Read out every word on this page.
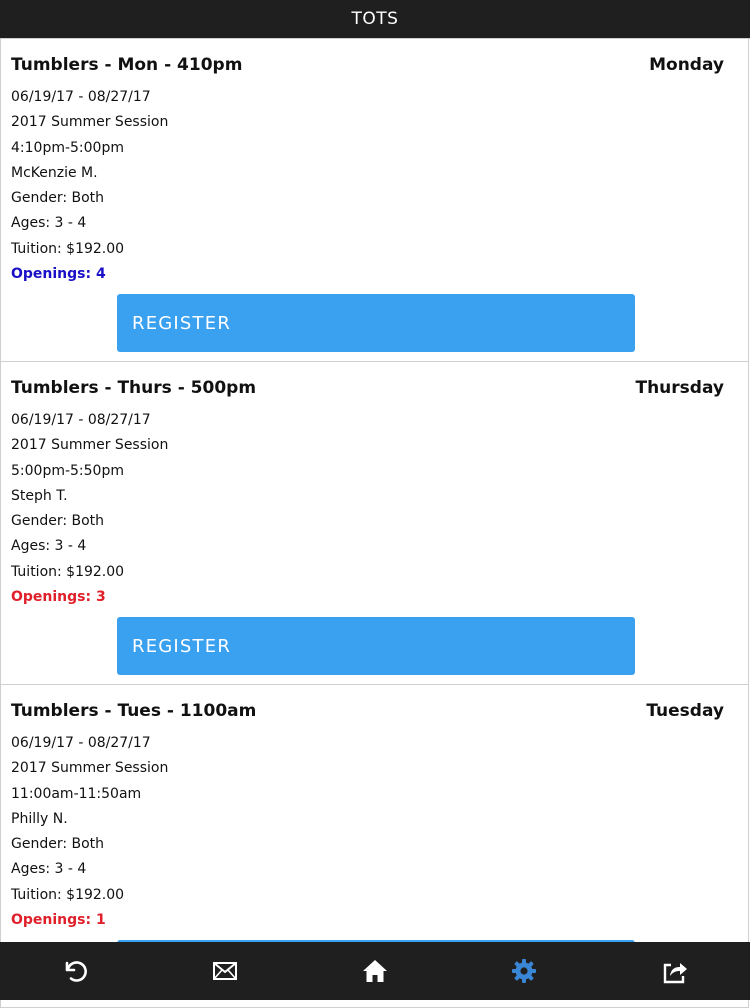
TOTS
Tumblers - Mon - 410pm	Monday
06/19/17 - 08/27/17
2017 Summer Session
4:10pm-5:00pm
McKenzie M.
Gender: Both
Ages: 3 - 4
Tuition: $192.00
Openings: 4
REGISTER
Tumblers - Thurs - 500pm	Thursday
06/19/17 - 08/27/17
2017 Summer Session
5:00pm-5:50pm
Steph T.
Gender: Both
Ages: 3 - 4
Tuition: $192.00
Openings: 3
REGISTER
Tumblers - Tues - 1100am	Tuesday
06/19/17 - 08/27/17
2017 Summer Session
11:00am-11:50am
Philly N.
Gender: Both
Ages: 3 - 4
Tuition: $192.00
Openings: 1
